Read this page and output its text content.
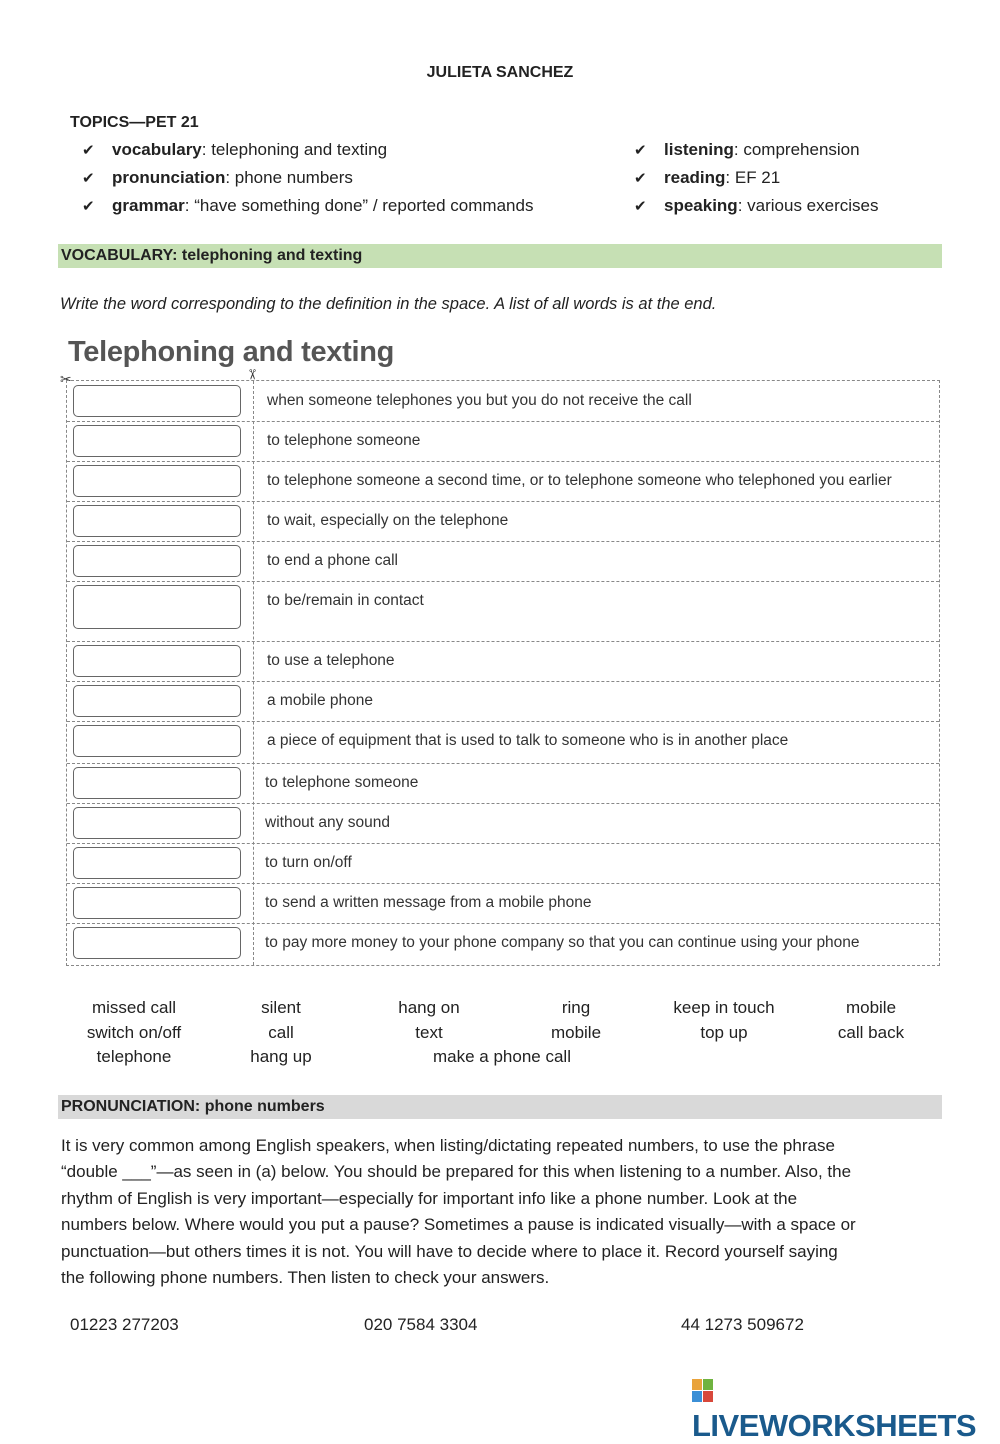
JULIETA SANCHEZ
TOPICS—PET 21
✔ vocabulary: telephoning and texting
✔ pronunciation: phone numbers
✔ grammar: “have something done” / reported commands
✔ listening: comprehension
✔ reading: EF 21
✔ speaking: various exercises
VOCABULARY: telephoning and texting
Write the word corresponding to the definition in the space. A list of all words is at the end.
Telephoning and texting
✂	✂
when someone telephones you but you do not receive the call
to telephone someone
to telephone someone a second time, or to telephone someone who telephoned you earlier
to wait, especially on the telephone
to end a phone call
to be/remain in contact
to use a telephone
a mobile phone
a piece of equipment that is used to talk to someone who is in another place
to telephone someone
without any sound
to turn on/off
to send a written message from a mobile phone
to pay more money to your phone company so that you can continue using your phone
missed call	silent	hang on	ring	keep in touch	mobile
switch on/off	call	text	mobile	top up	call back
telephone	hang up	make a phone call
PRONUNCIATION: phone numbers
It is very common among English speakers, when listing/dictating repeated numbers, to use the phrase
“double ___”—as seen in (a) below. You should be prepared for this when listening to a number. Also, the
rhythm of English is very important—especially for important info like a phone number. Look at the
numbers below. Where would you put a pause? Sometimes a pause is indicated visually—with a space or
punctuation—but others times it is not. You will have to decide where to place it. Record yourself saying
the following phone numbers. Then listen to check your answers.
01223 277203	020 7584 3304	44 1273 509672
LIVEWORKSHEETS
